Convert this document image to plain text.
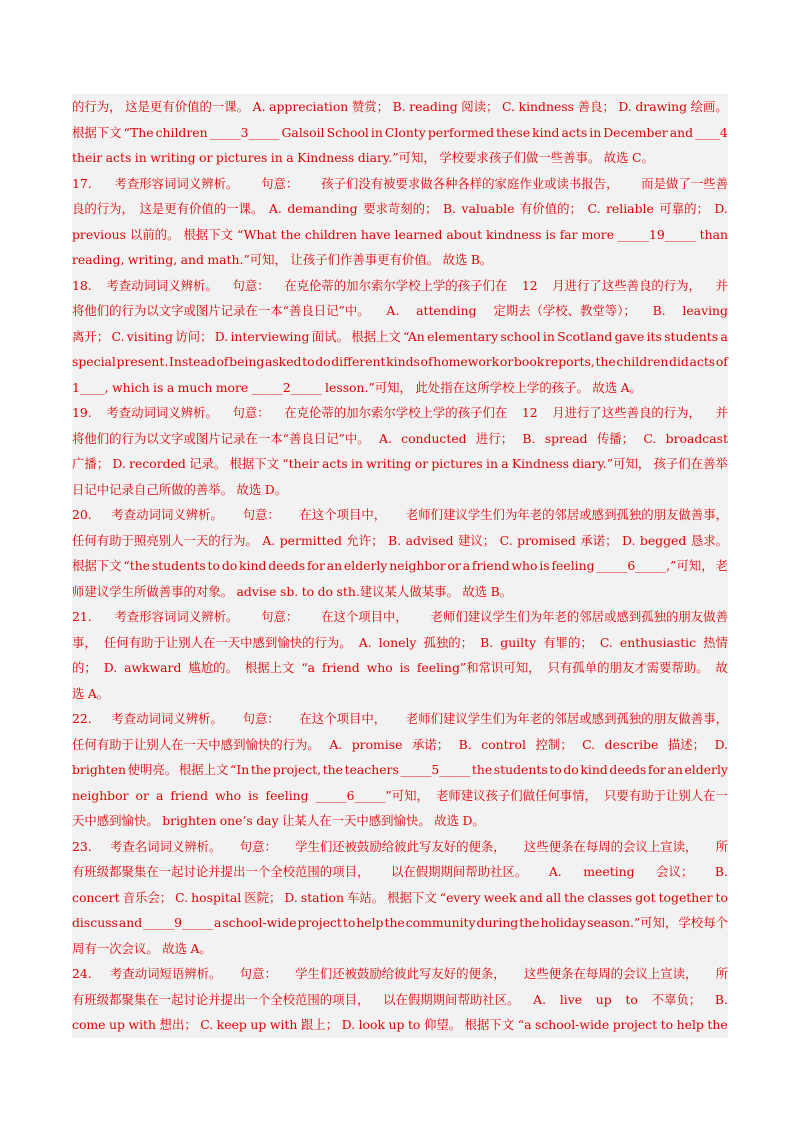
的行为， 这是更有价值的一课。 A. appreciation 赞赏； B. reading 阅读； C. kindness 善良； D. drawing 绘画。
根据下文 “The children _____3_____ Galsoil School in Clonty performed these kind acts in December and ____4
their acts in writing or pictures in a Kindness diary.”可知， 学校要求孩子们做一些善事。 故选 C。
17. 考查形容词词义辨析。 句意： 孩子们没有被要求做各种各样的家庭作业或读书报告， 而是做了一些善
良的行为， 这是更有价值的一课。 A. demanding 要求苛刻的； B. valuable 有价值的； C. reliable 可靠的； D.
previous 以前的。 根据下文 “What the children have learned about kindness is far more _____19_____ than
reading, writing, and math.”可知， 让孩子们作善事更有价值。 故选 B。
18. 考查动词词义辨析。 句意： 在克伦蒂的加尔索尔学校上学的孩子们在 12 月进行了这些善良的行为， 并
将他们的行为以文字或图片记录在一本“善良日记”中。 A. attending 定期去（学校、教堂等）； B. leaving
离开； C. visiting 访问； D. interviewing 面试。 根据上文 “An elementary school in Scotland gave its students a
special present. Instead of being asked to do different kinds of homework or book reports, the children did acts of
1____, which is a much more _____2_____ lesson.”可知， 此处指在这所学校上学的孩子。 故选 A。
19. 考查动词词义辨析。 句意： 在克伦蒂的加尔索尔学校上学的孩子们在 12 月进行了这些善良的行为， 并
将他们的行为以文字或图片记录在一本“善良日记”中。 A. conducted 进行； B. spread 传播； C. broadcast
广播； D. recorded 记录。 根据下文 “their acts in writing or pictures in a Kindness diary.”可知， 孩子们在善举
日记中记录自己所做的善举。 故选 D。
20. 考查动词词义辨析。 句意： 在这个项目中， 老师们建议学生们为年老的邻居或感到孤独的朋友做善事，
任何有助于照亮别人一天的行为。 A. permitted 允许； B. advised 建议； C. promised 承诺； D. begged 恳求。
根据下文 “the students to do kind deeds for an elderly neighbor or a friend who is feeling _____6_____,”可知， 老
师建议学生所做善事的对象。 advise sb. to do sth.建议某人做某事。 故选 B。
21. 考查形容词词义辨析。 句意： 在这个项目中， 老师们建议学生们为年老的邻居或感到孤独的朋友做善
事， 任何有助于让别人在一天中感到愉快的行为。 A. lonely 孤独的； B. guilty 有罪的； C. enthusiastic 热情
的； D. awkward 尴尬的。 根据上文 “a friend who is feeling”和常识可知， 只有孤单的朋友才需要帮助。 故
选 A。
22. 考查动词词义辨析。 句意： 在这个项目中， 老师们建议学生们为年老的邻居或感到孤独的朋友做善事，
任何有助于让别人在一天中感到愉快的行为。 A. promise 承诺； B. control 控制； C. describe 描述； D.
brighten 使明亮。 根据上文 “In the project, the teachers _____5_____ the students to do kind deeds for an elderly
neighbor or a friend who is feeling _____6_____”可知， 老师建议孩子们做任何事情， 只要有助于让别人在一
天中感到愉快。 brighten one’s day 让某人在一天中感到愉快。 故选 D。
23. 考查名词词义辨析。 句意： 学生们还被鼓励给彼此写友好的便条， 这些便条在每周的会议上宣读， 所
有班级都聚集在一起讨论并提出一个全校范围的项目， 以在假期期间帮助社区。 A. meeting 会议； B.
concert 音乐会； C. hospital 医院； D. station 车站。 根据下文 “every week and all the classes got together to
discuss and _____9_____ a school-wide project to help the community during the holiday season.”可知， 学校每个
周有一次会议。 故选 A。
24. 考查动词短语辨析。 句意： 学生们还被鼓励给彼此写友好的便条， 这些便条在每周的会议上宣读， 所
有班级都聚集在一起讨论并提出一个全校范围的项目， 以在假期期间帮助社区。 A. live up to 不辜负； B.
come up with 想出； C. keep up with 跟上； D. look up to 仰望。 根据下文 “a school-wide project to help the
